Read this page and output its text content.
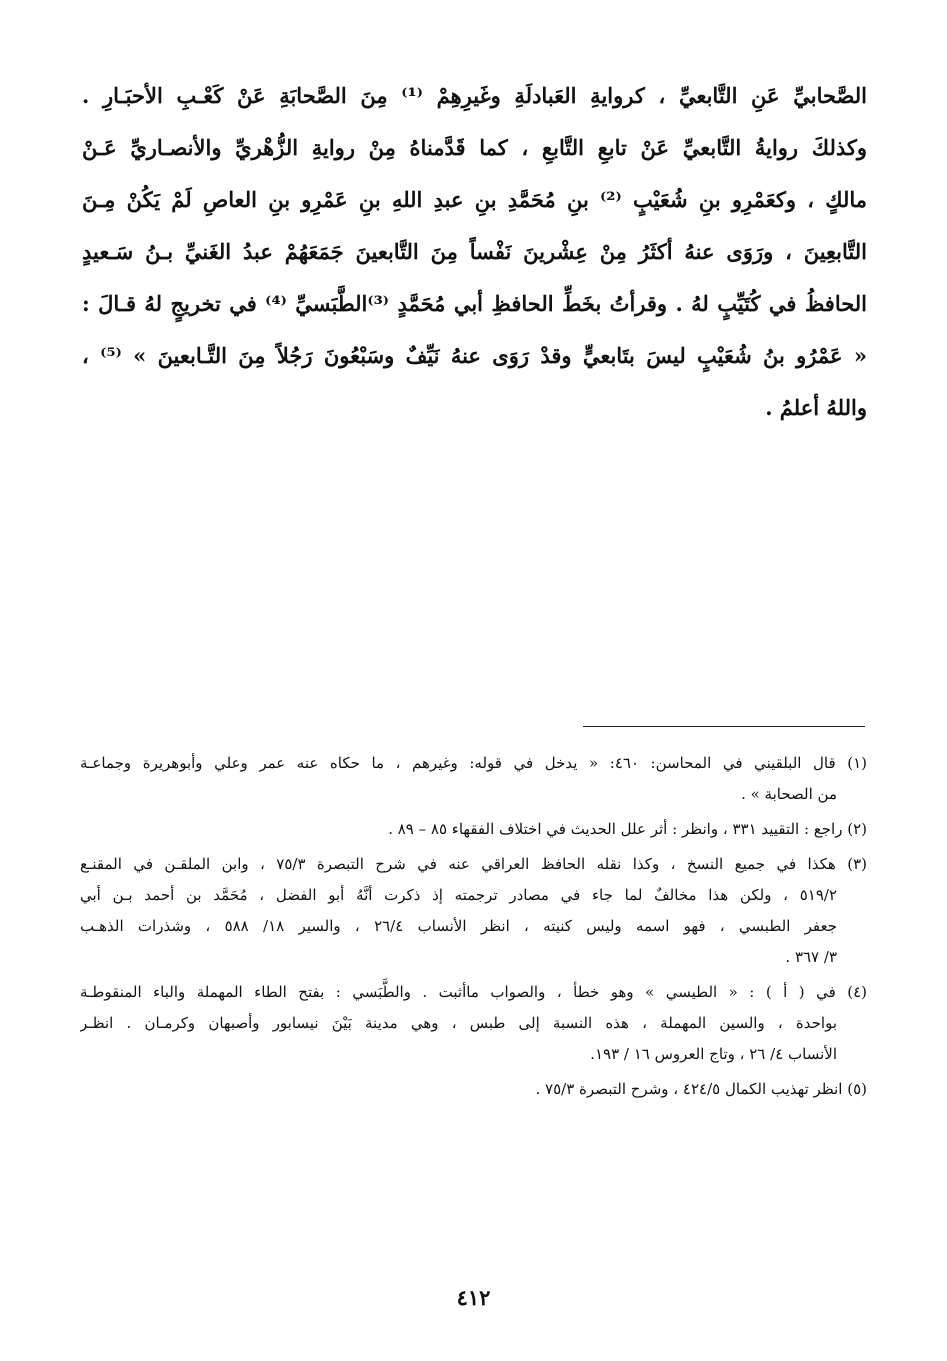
الصَّحابيِّ عَنِ التَّابعيِّ ، كروايةِ العَبادلَةِ وغَيرِهِمْ ⁽¹⁾ مِنَ الصَّحابَةِ عَنْ كَعْـبِ الأحبَـارِ .
وكذلكَ روايةُ التَّابعيِّ عَنْ تابعِ التَّابعِ ، كما قَدَّمناهُ مِنْ روايةِ الزُّهْريِّ والأنصـاريِّ عَـنْ
مالكٍ ، وكعَمْرِو بنِ شُعَيْبٍ ⁽²⁾ بنِ مُحَمَّدِ بنِ عبدِ اللهِ بنِ عَمْرِو بنِ العاصِ لَمْ يَكُنْ مِـنَ
التَّابعِينَ ، ورَوَى عنهُ أكثَرُ مِنْ عِشْرينَ نَفْساً مِنَ التَّابعينَ جَمَعَهُمْ عبدُ الغَنيِّ بـنُ سَـعيدٍ
الحافظُ في كُتَيِّبٍ لهُ . وقرأتُ بخَطِّ الحافظِ أبي مُحَمَّدٍ ⁽³⁾الطَّبَسيِّ ⁽⁴⁾ في تخريجٍ لهُ قـالَ :
« عَمْرُو بنُ شُعَيْبٍ ليسَ بتَابعيٍّ وقدْ رَوَى عنهُ نَيِّفٌ وسَبْعُونَ رَجُلاً مِنَ التَّـابعينَ » ⁽⁵⁾ ،
واللهُ أعلمُ .
(١) قال البلقيني في المحاسن: ٤٦٠: « يدخل في قوله: وغيرهم ، ما حكاه عنه عمر وعلي وأبوهريرة وجماعـة
من الصحابة » .
(٢) راجع : التقييد ٣٣١ ، وانظر : أثر علل الحديث في اختلاف الفقهاء ٨٥ – ٨٩ .
(٣) هكذا في جميع النسخ ، وكذا نقله الحافظ العراقي عنه في شرح التبصرة ٧٥/٣ ، وابن الملقـن في المقنـع
٥١٩/٢ ، ولكن هذا مخالفٌ لما جاء في مصادر ترجمته إذ ذكرت أنَّهُ أبو الفضل ، مُحَمَّد بن أحمد بـن أبي
جعفر الطبسي ، فهو اسمه وليس كنيته ، انظر الأنساب ٢٦/٤ ، والسير ١٨/ ٥٨٨ ، وشذرات الذهـب
٣/ ٣٦٧ .
(٤) في ( أ ) : « الطيسي » وهو خطأ ، والصواب ماأثبت . والطَّبَسي : بفتح الطاء المهملة والباء المنقوطـة
بواحدة ، والسين المهملة ، هذه النسبة إلى طبس ، وهي مدينة بَيْنَ نيسابور وأصبهان وكرمـان . انظـر
الأنساب ٤/ ٢٦ ، وتاج العروس ١٦ / ١٩٣.
(٥) انظر تهذيب الكمال ٤٢٤/٥ ، وشرح التبصرة ٧٥/٣ .
٤١٢
